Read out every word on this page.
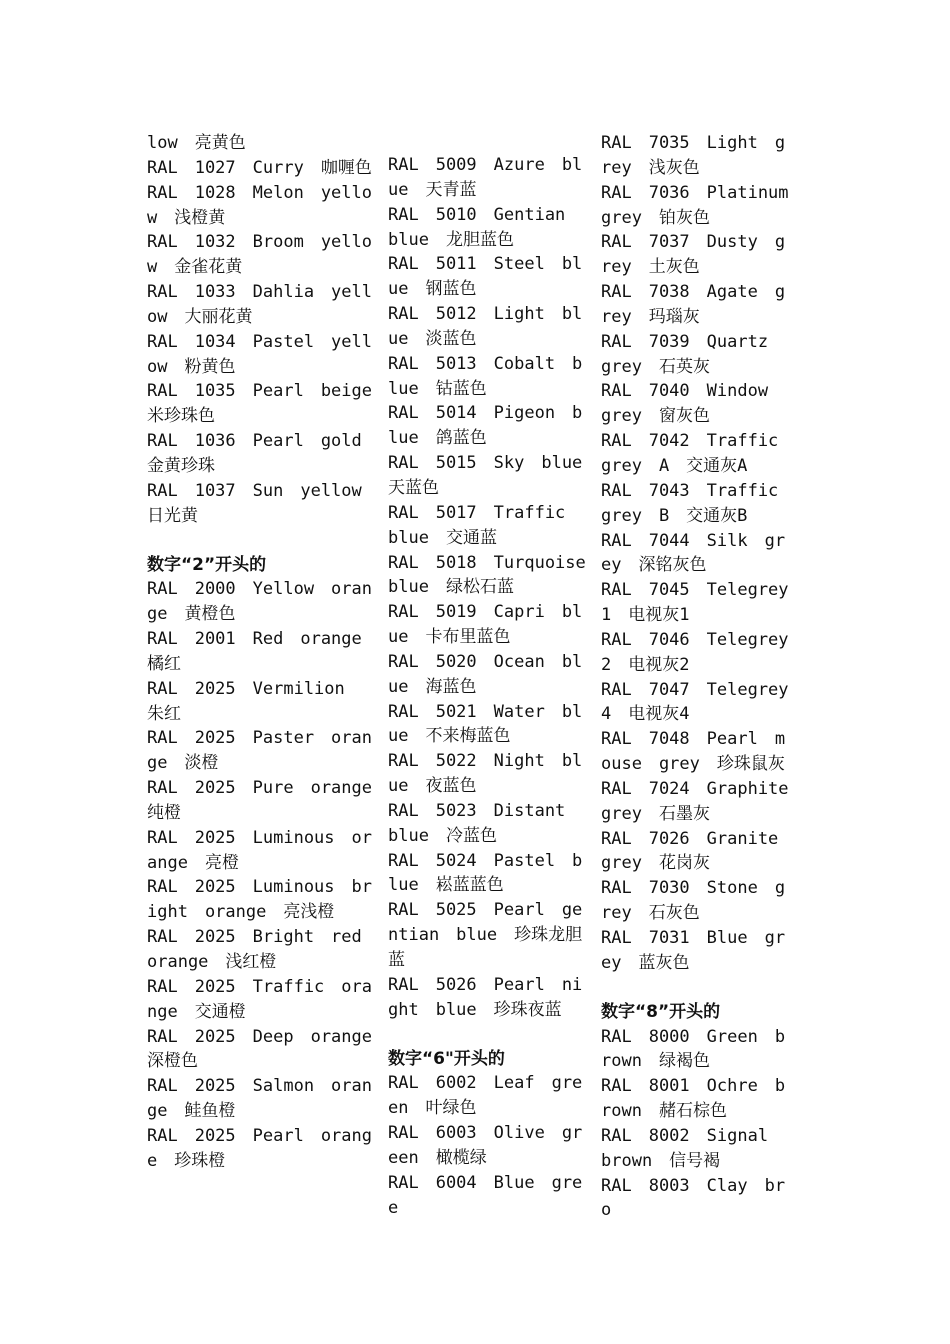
low　亮黄色
RAL　1027　Curry　咖喱色
RAL　1028　Melon　yellow　浅橙黄
RAL　1032　Broom　yellow　金雀花黄
RAL　1033　Dahlia　yellow　大丽花黄
RAL　1034　Pastel　yellow　粉黄色
RAL　1035　Pearl　beige　米珍珠色
RAL　1036　Pearl　gold　金黄珍珠
RAL　1037　Sun　yellow　日光黄
数字“2”开头的
RAL　2000　Yellow　orange　黄橙色
RAL　2001　Red　orange　橘红
RAL　2025　Vermilion　朱红
RAL　2025　Paster　orange　淡橙
RAL　2025　Pure　orange　纯橙
RAL　2025　Luminous　orange　亮橙
RAL　2025　Luminous　bright　orange　亮浅橙
RAL　2025　Bright　red　orange　浅红橙
RAL　2025　Traffic　orange　交通橙
RAL　2025　Deep　orange　深橙色
RAL　2025　Salmon　orange　鲑鱼橙
RAL　2025　Pearl　orange　珍珠橙
RAL　5009　Azure　blue　天青蓝
RAL　5010　Gentian　blue　龙胆蓝色
RAL　5011　Steel　blue　钢蓝色
RAL　5012　Light　blue　淡蓝色
RAL　5013　Cobalt　blue　钴蓝色
RAL　5014　Pigeon　blue　鸽蓝色
RAL　5015　Sky　blue　天蓝色
RAL　5017　Traffic　blue　交通蓝
RAL　5018　Turquoise　blue　绿松石蓝
RAL　5019　Capri　blue　卡布里蓝色
RAL　5020　Ocean　blue　海蓝色
RAL　5021　Water　blue　不来梅蓝色
RAL　5022　Night　blue　夜蓝色
RAL　5023　Distant　blue　冷蓝色
RAL　5024　Pastel　blue　崧蓝蓝色
RAL　5025　Pearl　gentian　blue　珍珠龙胆蓝
RAL　5026　Pearl　night　blue　珍珠夜蓝
数字“6"开头的
RAL　6002　Leaf　green　叶绿色
RAL　6003　Olive　green　橄榄绿
RAL　6004　Blue　gree
RAL　7035　Light　grey　浅灰色
RAL　7036　Platinum　grey　铂灰色
RAL　7037　Dusty　grey　土灰色
RAL　7038　Agate　grey　玛瑙灰
RAL　7039　Quartz　grey　石英灰
RAL　7040　Window　grey　窗灰色
RAL　7042　Traffic　grey　A　交通灰A
RAL　7043　Traffic　grey　B　交通灰B
RAL　7044　Silk　grey　深铭灰色
RAL　7045　Telegrey　1　电视灰1
RAL　7046　Telegrey　2　电视灰2
RAL　7047　Telegrey　4　电视灰4
RAL　7048　Pearl　mouse　grey　珍珠鼠灰
RAL　7024　Graphite　grey　石墨灰
RAL　7026　Granite　grey　花岗灰
RAL　7030　Stone　grey　石灰色
RAL　7031　Blue　grey　蓝灰色
数字“8”开头的
RAL　8000　Green　brown　绿褐色
RAL　8001　Ochre　brown　赭石棕色
RAL　8002　Signal　brown　信号褐
RAL　8003　Clay　bro
